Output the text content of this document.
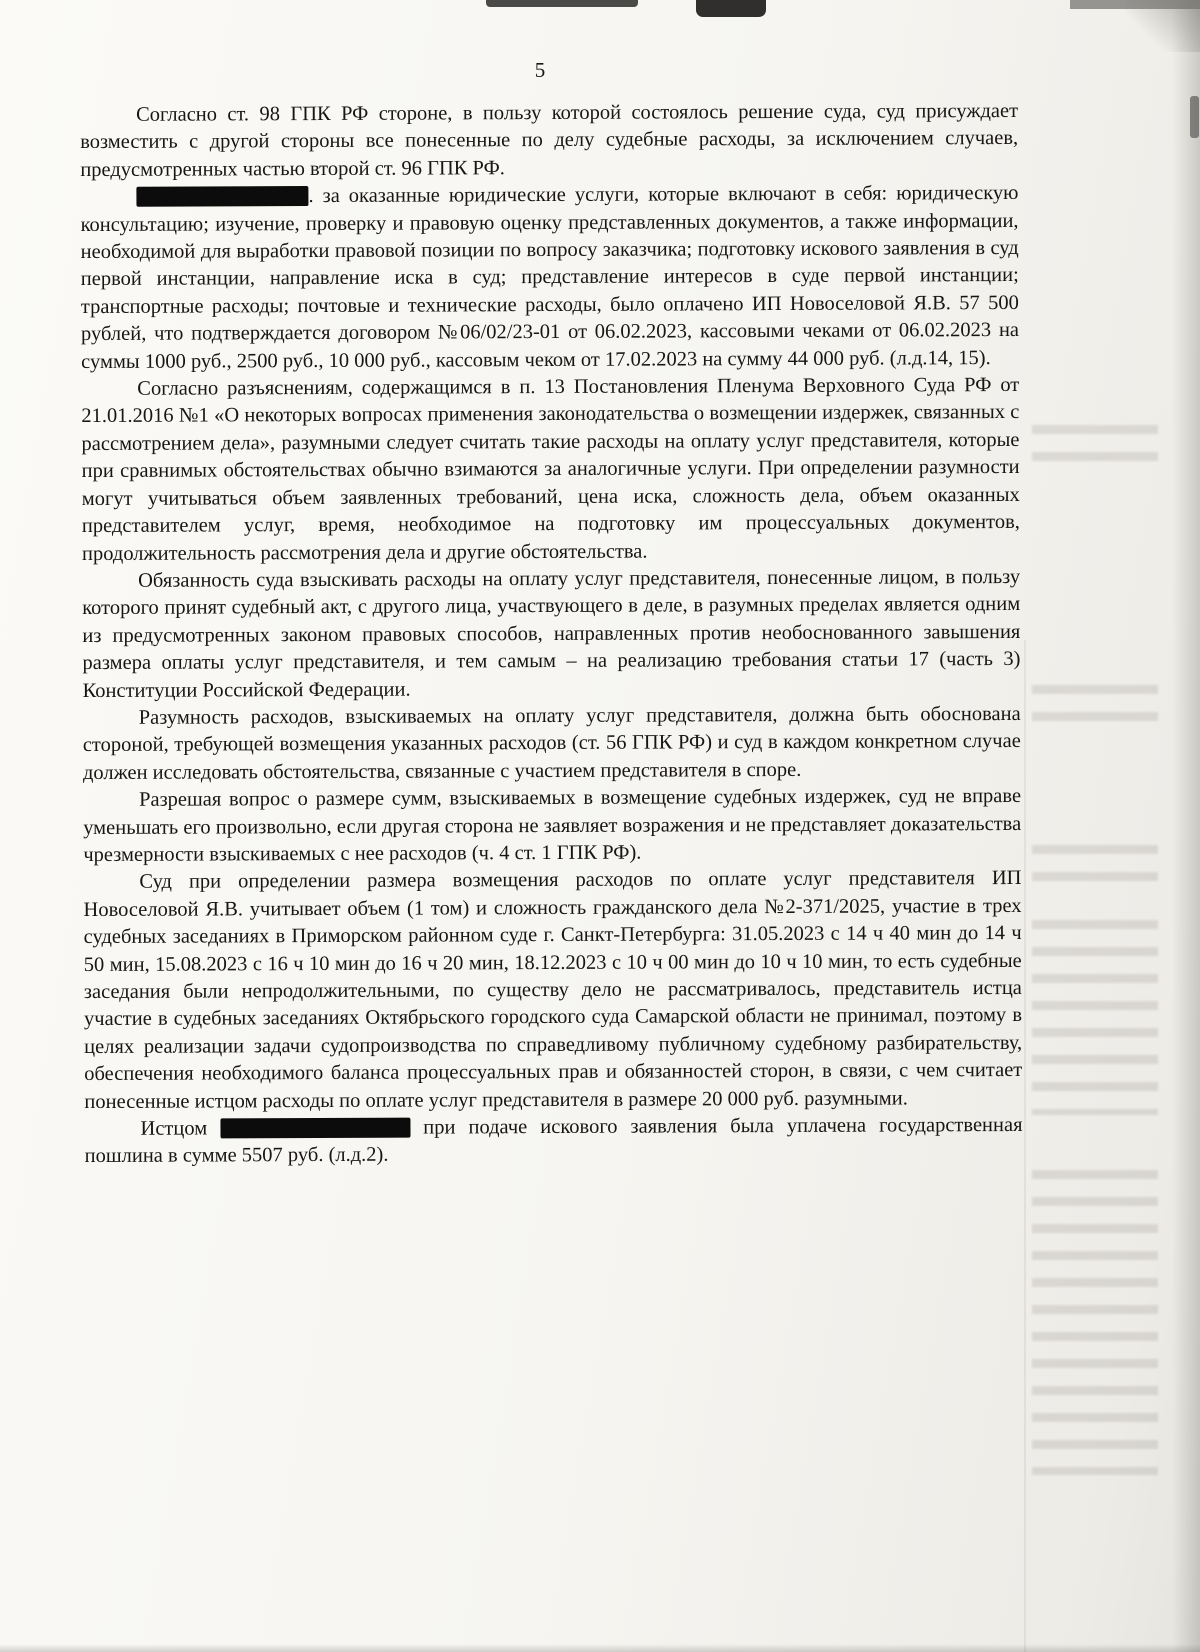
5

Согласно ст. 98 ГПК РФ стороне, в пользу которой состоялось решение суда, суд присуждает возместить с другой стороны все понесенные по делу судебные расходы, за исключением случаев, предусмотренных частью второй ст. 96 ГПК РФ.

. за оказанные юридические услуги, которые включают в себя: юридическую консультацию; изучение, проверку и правовую оценку представленных документов, а также информации, необходимой для выработки правовой позиции по вопросу заказчика; подготовку искового заявления в суд первой инстанции, направление иска в суд; представление интересов в суде первой инстанции; транспортные расходы; почтовые и технические расходы, было оплачено ИП Новоселовой Я.В. 57 500 рублей, что подтверждается договором №06/02/23-01 от 06.02.2023, кассовыми чеками от 06.02.2023 на суммы 1000 руб., 2500 руб., 10 000 руб., кассовым чеком от 17.02.2023 на сумму 44 000 руб. (л.д.14, 15).

Согласно разъяснениям, содержащимся в п. 13 Постановления Пленума Верховного Суда РФ от 21.01.2016 №1 «О некоторых вопросах применения законодательства о возмещении издержек, связанных с рассмотрением дела», разумными следует считать такие расходы на оплату услуг представителя, которые при сравнимых обстоятельствах обычно взимаются за аналогичные услуги. При определении разумности могут учитываться объем заявленных требований, цена иска, сложность дела, объем оказанных представителем услуг, время, необходимое на подготовку им процессуальных документов, продолжительность рассмотрения дела и другие обстоятельства.

Обязанность суда взыскивать расходы на оплату услуг представителя, понесенные лицом, в пользу которого принят судебный акт, с другого лица, участвующего в деле, в разумных пределах является одним из предусмотренных законом правовых способов, направленных против необоснованного завышения размера оплаты услуг представителя, и тем самым – на реализацию требования статьи 17 (часть 3) Конституции Российской Федерации.

Разумность расходов, взыскиваемых на оплату услуг представителя, должна быть обоснована стороной, требующей возмещения указанных расходов (ст. 56 ГПК РФ) и суд в каждом конкретном случае должен исследовать обстоятельства, связанные с участием представителя в споре.

Разрешая вопрос о размере сумм, взыскиваемых в возмещение судебных издержек, суд не вправе уменьшать его произвольно, если другая сторона не заявляет возражения и не представляет доказательства чрезмерности взыскиваемых с нее расходов (ч. 4 ст. 1 ГПК РФ).

Суд при определении размера возмещения расходов по оплате услуг представителя ИП Новоселовой Я.В. учитывает объем (1 том) и сложность гражданского дела №2-371/2025, участие в трех судебных заседаниях в Приморском районном суде г. Санкт-Петербурга: 31.05.2023 с 14 ч 40 мин до 14 ч 50 мин, 15.08.2023 с 16 ч 10 мин до 16 ч 20 мин, 18.12.2023 с 10 ч 00 мин до 10 ч 10 мин, то есть судебные заседания были непродолжительными, по существу дело не рассматривалось, представитель истца участие в судебных заседаниях Октябрьского городского суда Самарской области не принимал, поэтому в целях реализации задачи судопроизводства по справедливому публичному судебному разбирательству, обеспечения необходимого баланса процессуальных прав и обязанностей сторон, в связи, с чем считает понесенные истцом расходы по оплате услуг представителя в размере 20 000 руб. разумными.

Истцом	при подаче искового заявления была уплачена государственная пошлина в сумме 5507 руб. (л.д.2).
